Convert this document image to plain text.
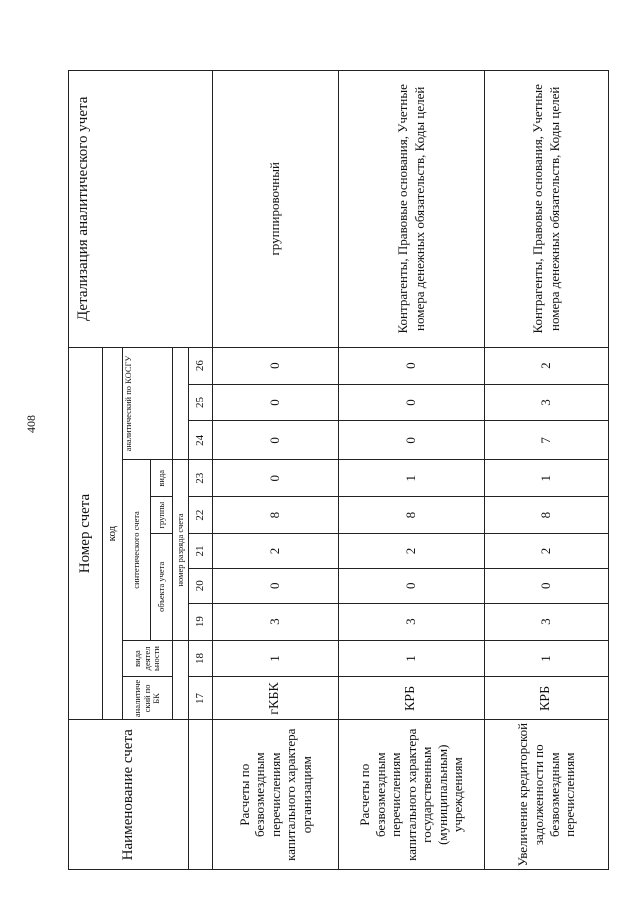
408
Наименование счета	Номер счета										Детализация аналитического учета
	код										
	аналитиче ский по БК	вида деятел ьности	синтетического счета					аналитический по КОСГУ			
			объекта учета			группы	вида				
			номер разряда счета								
	17	18	19	20	21	22	23	24	25	26	
Расчеты по безвозмездным перечислениям капитального характера организациям	гКБК	1	3	0	2	8	0	0	0	0	группировочный
Расчеты по безвозмездным перечислениям капитального характера государственным (муниципальным) учреждениям	КРБ	1	3	0	2	8	1	0	0	0	Контрагенты, Правовые основания, Учетные номера денежных обязательств, Коды целей
Увеличение кредиторской задолженности по безвозмездным перечислениям	КРБ	1	3	0	2	8	1	7	3	2	Контрагенты, Правовые основания, Учетные номера денежных обязательств, Коды целей
